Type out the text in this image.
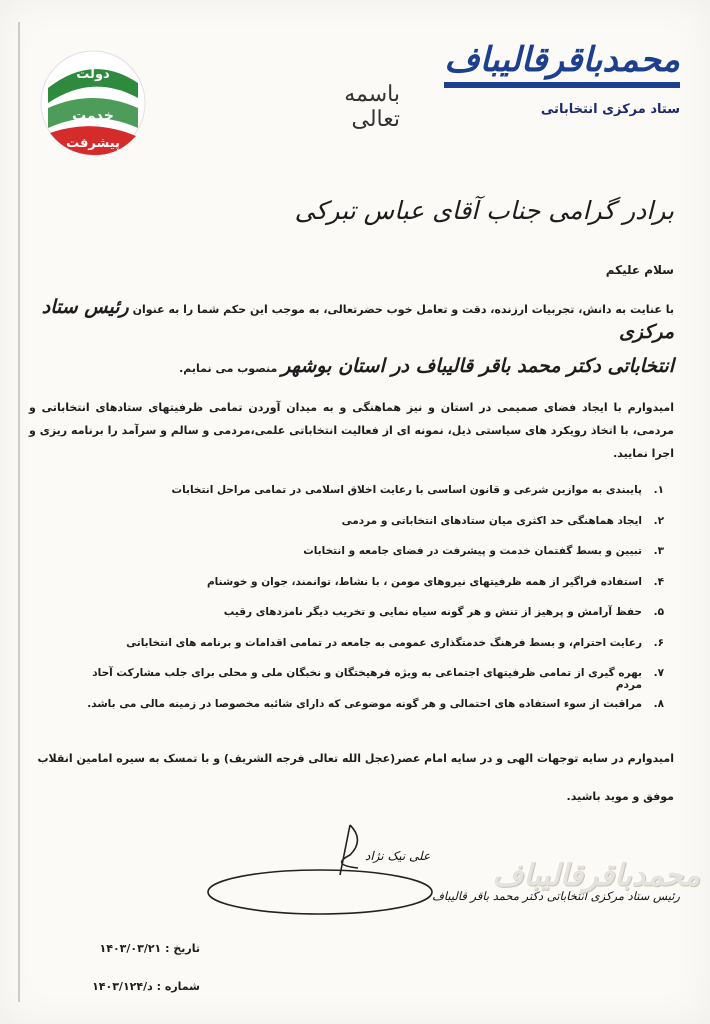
دولت
خدمت
پیشرفت
باسمه تعالی
محمدباقرقالیباف
ستاد مرکزی انتخاباتی
برادر گرامی جناب آقای عباس تبرکی
سلام علیکم
با عنایت به دانش، تجربیات ارزنده، دقت و تعامل خوب حضرتعالی، به موجب این حکم شما را به عنوان رئیس ستاد مرکزی
انتخاباتی دکتر محمد باقر قالیباف در استان بوشهر منصوب می نمایم.
امیدوارم با ایجاد فضای صمیمی در استان و نیز هماهنگی و به میدان آوردن تمامی ظرفیتهای ستادهای انتخاباتی و مردمی، با اتخاذ رویکرد های سیاستی ذیل، نمونه ای از فعالیت انتخاباتی علمی،مردمی و سالم و سرآمد را برنامه ریزی و اجرا نمایید.
۱.
پایبندی به موازین شرعی و قانون اساسی با رعایت اخلاق اسلامی در تمامی مراحل انتخابات
۲.
ایجاد هماهنگی حد اکثری میان ستادهای انتخاباتی و مردمی
۳.
تبیین و بسط گفتمان خدمت و پیشرفت در فضای جامعه و انتخابات
۴.
استفاده فراگیر از همه ظرفیتهای نیروهای مومن ، با نشاط، توانمند، جوان و خوشنام
۵.
حفظ آرامش و پرهیز از تنش و هر گونه سیاه نمایی و تخریب دیگر نامزدهای رقیب
۶.
رعایت احترام، و بسط فرهنگ خدمتگذاری عمومی به جامعه در تمامی اقدامات و برنامه های انتخاباتی
۷.
بهره گیری از تمامی ظرفیتهای اجتماعی به ویژه فرهیختگان و نخبگان ملی و محلی برای جلب مشارکت آحاد مردم
۸.
مراقبت از سوء استفاده های احتمالی و هر گونه موضوعی که دارای شائبه مخصوصا در زمینه مالی می باشد.
امیدوارم در سایه توجهات الهی و در سایه امام عصر(عجل الله تعالی فرجه الشریف) و با تمسک به سیره امامین انقلاب موفق و موید باشید.
علی نیک نژاد
رئیس ستاد مرکزی انتخاباتی دکتر محمد باقر قالیباف
محمدباقرقالیباف
تاریخ : ۱۴۰۳/۰۳/۲۱
شماره : د/۱۴۰۳/۱۲۴
